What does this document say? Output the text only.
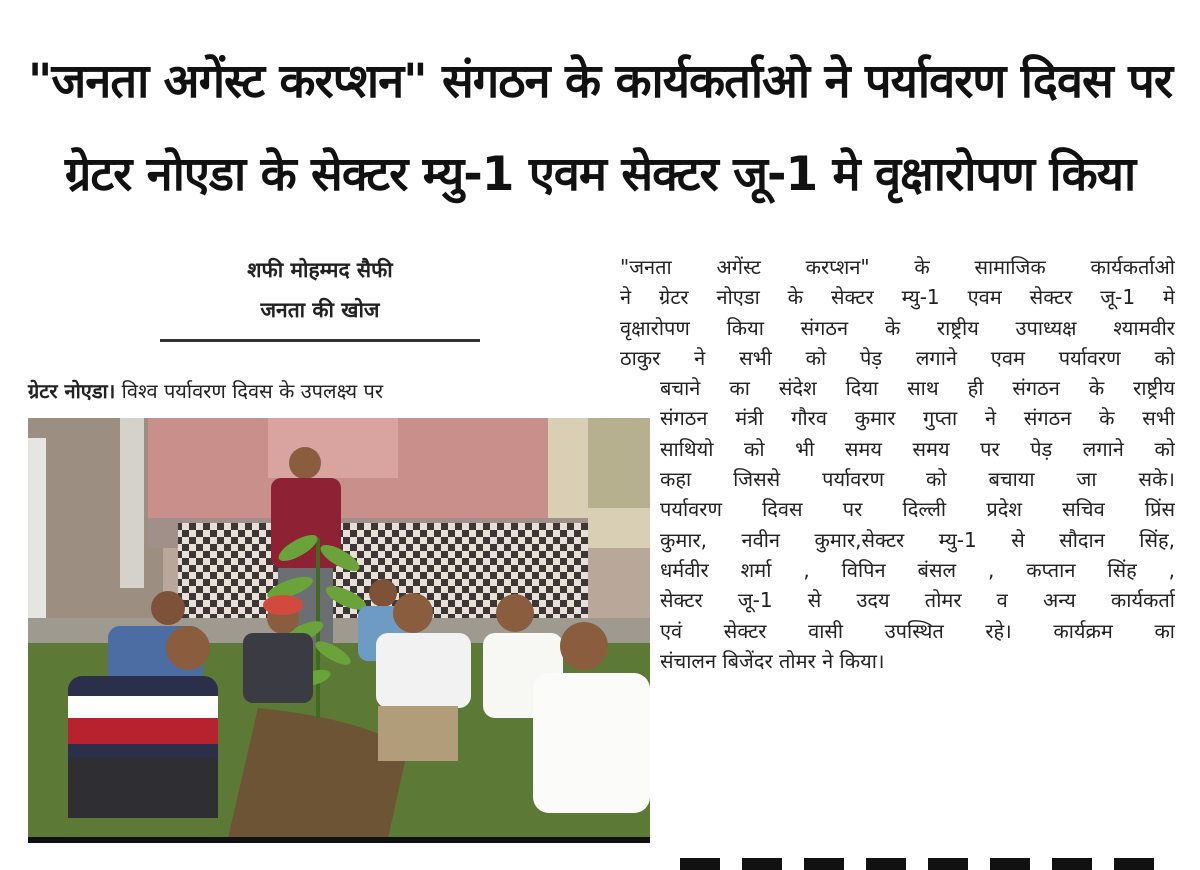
"जनता अगेंस्ट करप्शन" संगठन के कार्यकर्ताओ ने पर्यावरण दिवस पर
ग्रेटर नोएडा के सेक्टर म्यु-1 एवम सेक्टर जू-1 मे वृक्षारोपण किया
शफी मोहम्मद सैफी
जनता की खोज
ग्रेटर नोएडा। विश्व पर्यावरण दिवस के उपलक्ष्य पर
"जनता अगेंस्ट करप्शन" के सामाजिक कार्यकर्ताओ
ने ग्रेटर नोएडा के सेक्टर म्यु-1 एवम सेक्टर जू-1 मे
वृक्षारोपण किया संगठन के राष्ट्रीय उपाध्यक्ष श्यामवीर
ठाकुर ने सभी को पेड़ लगाने एवम पर्यावरण को
बचाने का संदेश दिया साथ ही संगठन के राष्ट्रीय
संगठन मंत्री गौरव कुमार गुप्ता ने संगठन के सभी
साथियो को भी समय समय पर पेड़ लगाने को
कहा जिससे पर्यावरण को बचाया जा सके।
पर्यावरण दिवस पर दिल्ली प्रदेश सचिव प्रिंस
कुमार, नवीन कुमार,सेक्टर म्यु-1 से सौदान सिंह,
धर्मवीर शर्मा , विपिन बंसल , कप्तान सिंह ,
सेक्टर जू-1 से उदय तोमर व अन्य कार्यकर्ता
एवं सेक्टर वासी उपस्थित रहे। कार्यक्रम का
संचालन बिजेंदर तोमर ने किया।
